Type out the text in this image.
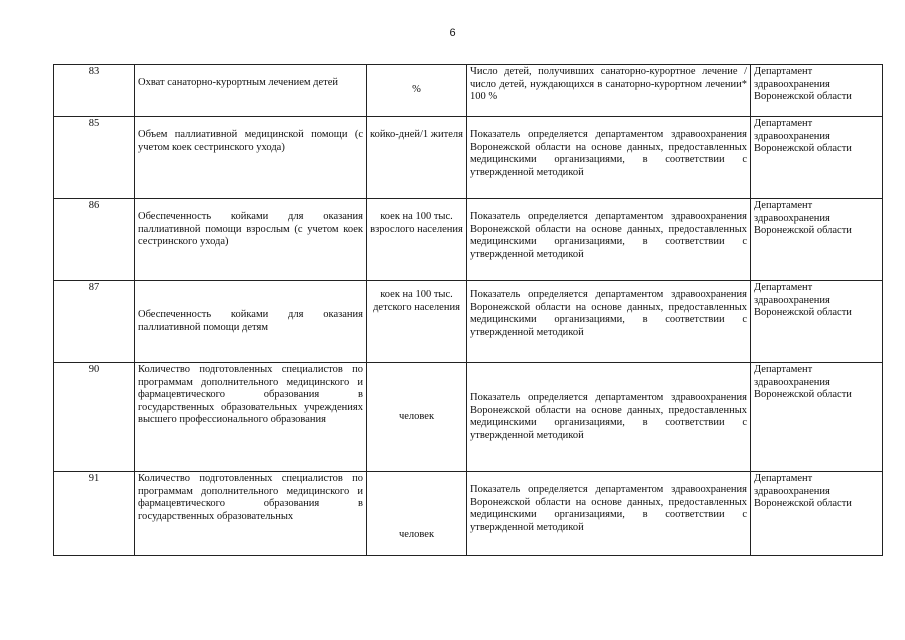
6
83	Охват санаторно-курортным лечением детей	%	Число детей, получивших санаторно-курортное лечение / число детей, нуждающихся в санаторно-курортном лечении* 100 %	Департамент здравоохранения Воронежской области
85	Объем паллиативной медицинской помощи (с учетом коек сестринского ухода)	койко-дней/1 жителя	Показатель определяется департаментом здравоохранения Воронежской области на основе данных, предоставленных медицинскими организациями, в соответствии с утвержденной методикой	Департамент здравоохранения Воронежской области
86	Обеспеченность койками для оказания паллиативной помощи взрослым (с учетом коек сестринского ухода)	коек на 100 тыс. взрослого населения	Показатель определяется департаментом здравоохранения Воронежской области на основе данных, предоставленных медицинскими организациями, в соответствии с утвержденной методикой	Департамент здравоохранения Воронежской области
87	Обеспеченность койками для оказания паллиативной помощи детям	коек на 100 тыс. детского населения	Показатель определяется департаментом здравоохранения Воронежской области на основе данных, предоставленных медицинскими организациями, в соответствии с утвержденной методикой	Департамент здравоохранения Воронежской области
90	Количество подготовленных специалистов по программам дополнительного медицинского и фармацевтического образования в государственных образовательных учреждениях высшего профессионального образования	человек	Показатель определяется департаментом здравоохранения Воронежской области на основе данных, предоставленных медицинскими организациями, в соответствии с утвержденной методикой	Департамент здравоохранения Воронежской области
91	Количество подготовленных специалистов по программам дополнительного медицинского и фармацевтического образования в государственных образовательных	человек	Показатель определяется департаментом здравоохранения Воронежской области на основе данных, предоставленных медицинскими организациями, в соответствии с утвержденной методикой	Департамент здравоохранения Воронежской области
